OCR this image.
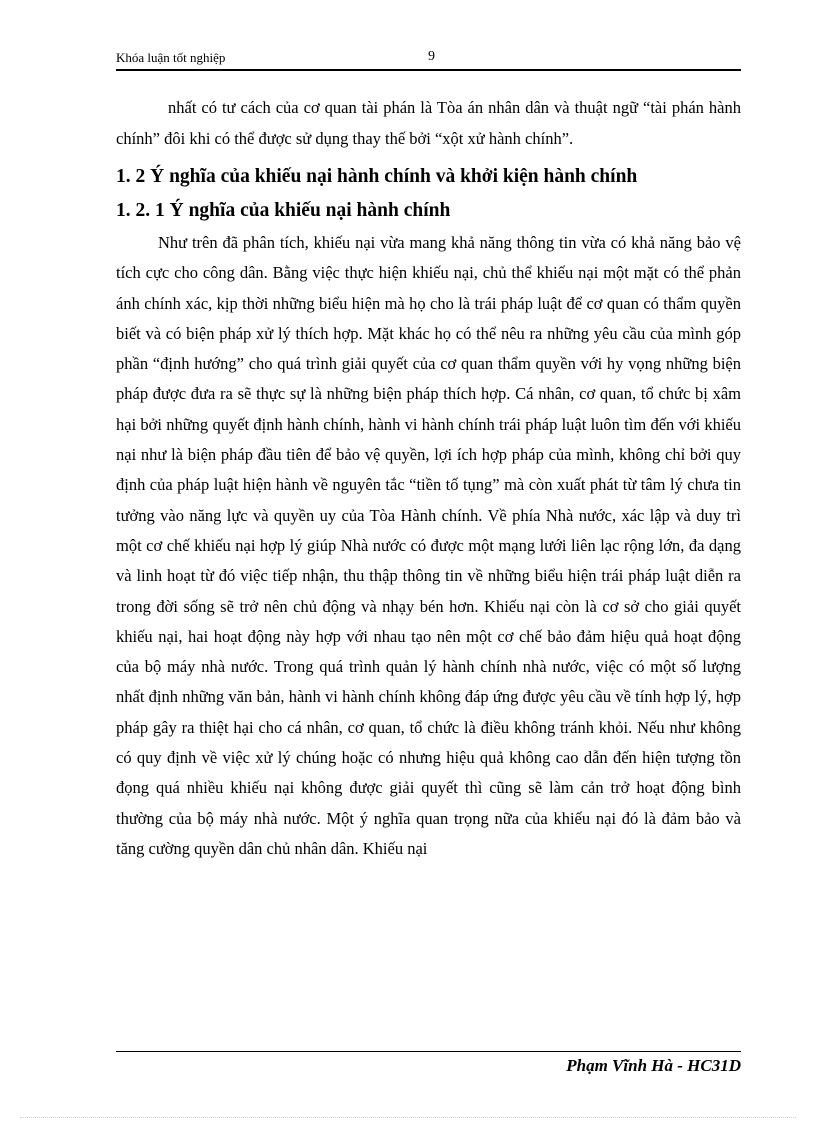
Khóa luận tốt nghiệp	9

nhất có tư cách của cơ quan tài phán là Tòa án nhân dân và thuật ngữ “tài phán hành chính” đôi khi có thể được sử dụng thay thế bởi “xột xử hành chính”.

1. 2 Ý nghĩa của khiếu nại hành chính và khởi kiện hành chính
1. 2. 1 Ý nghĩa của khiếu nại hành chính

Như trên đã phân tích, khiếu nại vừa mang khả năng thông tin vừa có khả năng bảo vệ tích cực cho công dân. Bằng việc thực hiện khiếu nại, chủ thể khiếu nại một mặt có thể phản ánh chính xác, kịp thời những biểu hiện mà họ cho là trái pháp luật để cơ quan có thẩm quyền biết và có biện pháp xử lý thích hợp. Mặt khác họ có thể nêu ra những yêu cầu của mình góp phần “định hướng” cho quá trình giải quyết của cơ quan thẩm quyền với hy vọng những biện pháp được đưa ra sẽ thực sự là những biện pháp thích hợp. Cá nhân, cơ quan, tổ chức bị xâm hại bởi những quyết định hành chính, hành vi hành chính trái pháp luật luôn tìm đến với khiếu nại như là biện pháp đầu tiên để bảo vệ quyền, lợi ích hợp pháp của mình, không chỉ bởi quy định của pháp luật hiện hành về nguyên tắc “tiền tố tụng” mà còn xuất phát từ tâm lý chưa tin tưởng vào năng lực và quyền uy của Tòa Hành chính. Về phía Nhà nước, xác lập và duy trì một cơ chế khiếu nại hợp lý giúp Nhà nước có được một mạng lưới liên lạc rộng lớn, đa dạng và linh hoạt từ đó việc tiếp nhận, thu thập thông tin về những biểu hiện trái pháp luật diễn ra trong đời sống sẽ trở nên chủ động và nhạy bén hơn. Khiếu nại còn là cơ sở cho giải quyết khiếu nại, hai hoạt động này hợp với nhau tạo nên một cơ chế bảo đảm hiệu quả hoạt động của bộ máy nhà nước. Trong quá trình quản lý hành chính nhà nước, việc có một số lượng nhất định những văn bản, hành vi hành chính không đáp ứng được yêu cầu về tính hợp lý, hợp pháp gây ra thiệt hại cho cá nhân, cơ quan, tổ chức là điều không tránh khỏi. Nếu như không có quy định về việc xử lý chúng hoặc có nhưng hiệu quả không cao dẫn đến hiện tượng tồn đọng quá nhiều khiếu nại không được giải quyết thì cũng sẽ làm cản trở hoạt động bình thường của bộ máy nhà nước. Một ý nghĩa quan trọng nữa của khiếu nại đó là đảm bảo và tăng cường quyền dân chủ nhân dân. Khiếu nại

Phạm Vĩnh Hà - HC31D
